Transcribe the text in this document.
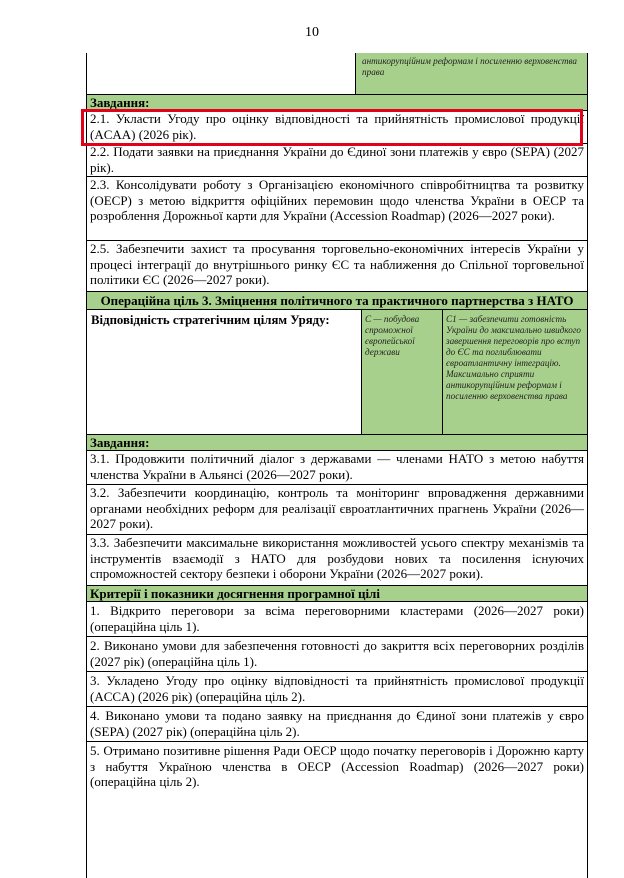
10
антикорупційним реформам і посиленню верховенства права
Завдання:
2.1. Укласти Угоду про оцінку відповідності та прийнятність промислової продукції (ACAA) (2026 рік).
2.2. Подати заявки на приєднання України до Єдиної зони платежів у євро (SEPA) (2027 рік).
2.3. Консолідувати роботу з Організацією економічного співробітництва та розвитку (ОЕСР) з метою відкриття офіційних перемовин щодо членства України в ОЕСР та розроблення Дорожньої карти для України (Accession Roadmap) (2026—2027 роки).
2.5. Забезпечити захист та просування торговельно-економічних інтересів України у процесі інтеграції до внутрішнього ринку ЄС та наближення до Спільної торговельної політики ЄС (2026—2027 роки).
Операційна ціль 3. Зміцнення політичного та практичного партнерства з НАТО
Відповідність стратегічним цілям Уряду:	С — побудова спроможної європейської держави
С1 — забезпечити готовність України до максимально швидкого завершення переговорів про вступ до ЄС та поглиблювати євроатлантичну інтеграцію. Максимально сприяти антикорупційним реформам і посиленню верховенства права
Завдання:
3.1. Продовжити політичний діалог з державами — членами НАТО з метою набуття членства України в Альянсі (2026—2027 роки).
3.2. Забезпечити координацію, контроль та моніторинг впровадження державними органами необхідних реформ для реалізації євроатлантичних прагнень України (2026—2027 роки).
3.3. Забезпечити максимальне використання можливостей усього спектру механізмів та інструментів взаємодії з НАТО для розбудови нових та посилення існуючих спроможностей сектору безпеки і оборони України (2026—2027 роки).
Критерії і показники досягнення програмної цілі
1. Відкрито переговори за всіма переговорними кластерами (2026—2027 роки) (операційна ціль 1).
2. Виконано умови для забезпечення готовності до закриття всіх переговорних розділів (2027 рік) (операційна ціль 1).
3. Укладено Угоду про оцінку відповідності та прийнятність промислової продукції (ACCA) (2026 рік) (операційна ціль 2).
4. Виконано умови та подано заявку на приєднання до Єдиної зони платежів у євро (SEPA) (2027 рік) (операційна ціль 2).
5. Отримано позитивне рішення Ради ОЕСР щодо початку переговорів і Дорожню карту з набуття Україною членства в ОЕСР (Accession Roadmap) (2026—2027 роки) (операційна ціль 2).
